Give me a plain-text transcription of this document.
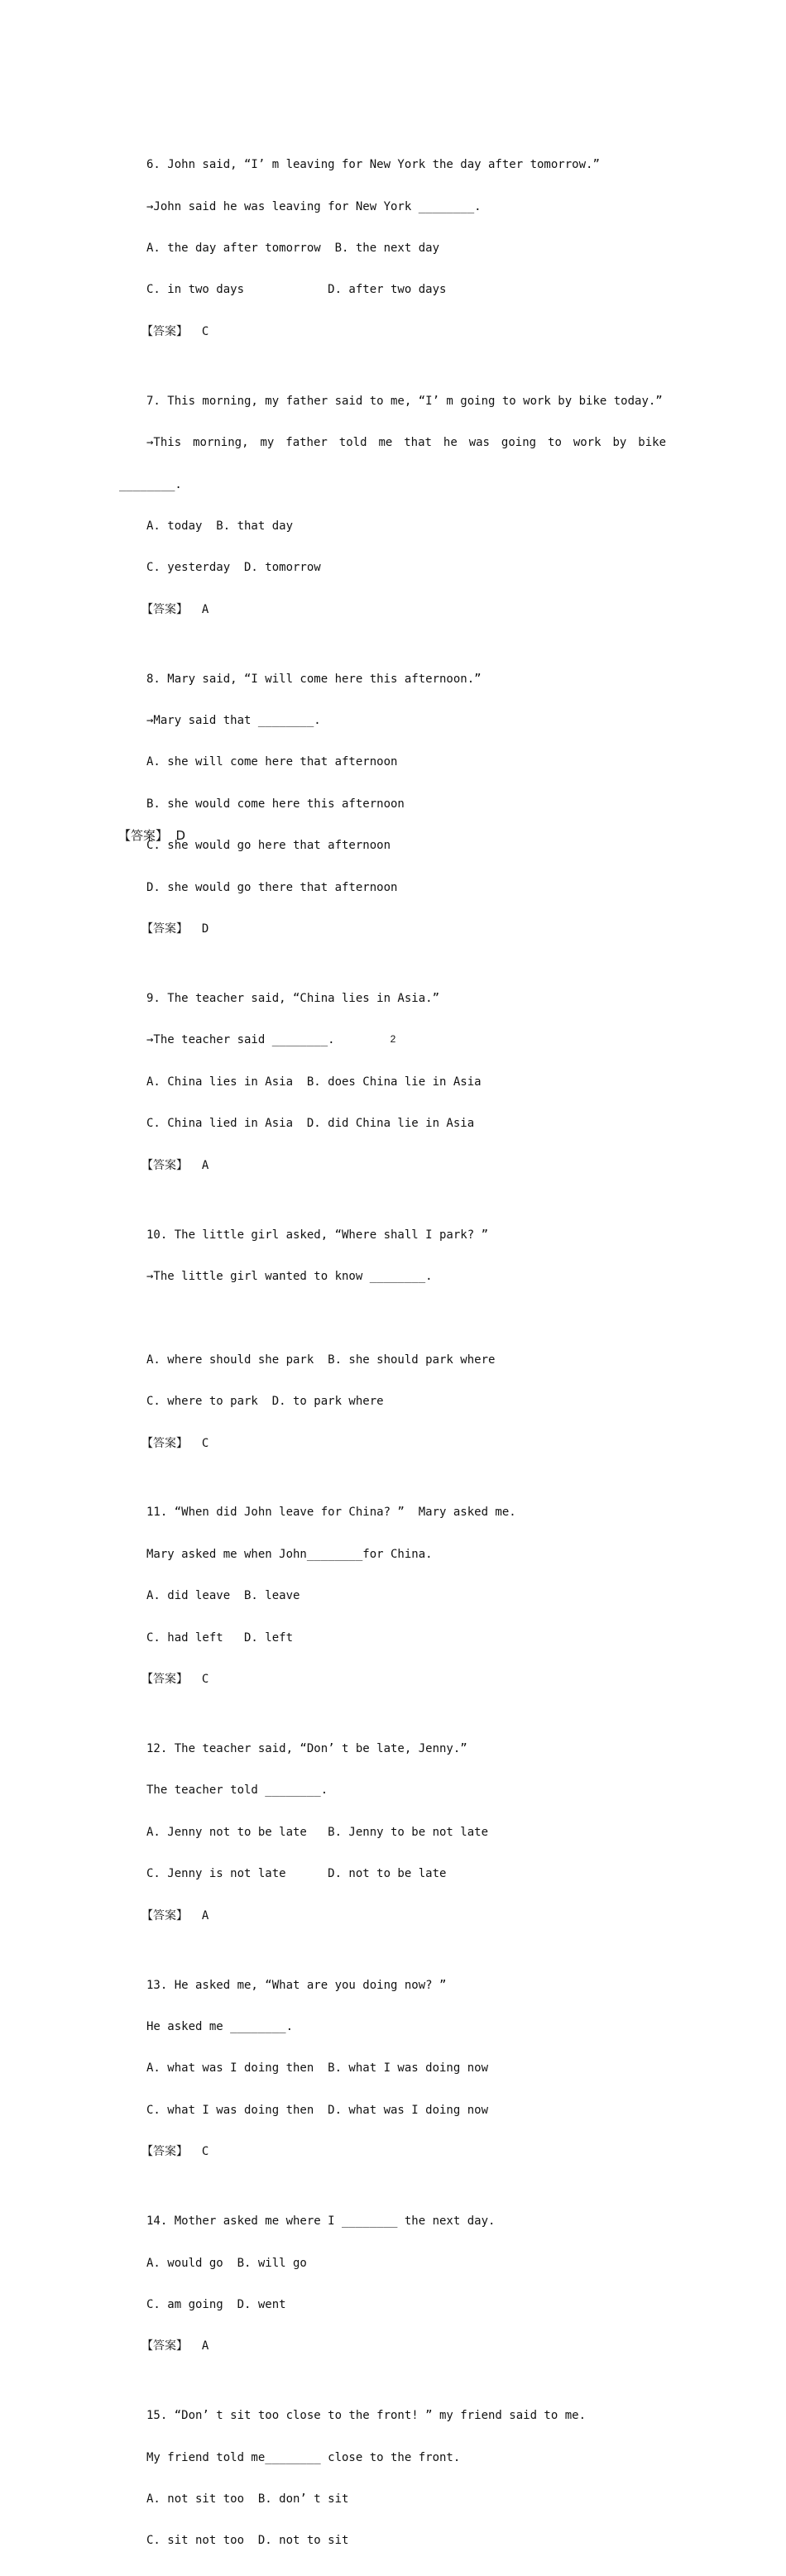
6. John said, “I’ m leaving for New York the day after tomorrow.”

→John said he was leaving for New York ________.

A. the day after tomorrow  B. the next day

C. in two days            D. after two days

【答案】  C

7. This morning, my father said to me, “I’ m going to work by bike today.”

→This morning, my father told me that he was going to work by bike

________.

A. today  B. that day

C. yesterday  D. tomorrow

【答案】  A

8. Mary said, “I will come here this afternoon.”

→Mary said that ________.

A. she will come here that afternoon

B. she would come here this afternoon

C. she would go here that afternoon

D. she would go there that afternoon

【答案】  D

9. The teacher said, “China lies in Asia.”

→The teacher said ________.

A. China lies in Asia  B. does China lie in Asia

C. China lied in Asia  D. did China lie in Asia

【答案】  A

10. The little girl asked, “Where shall I park? ”

→The little girl wanted to know ________.

A. where should she park  B. she should park where

C. where to park  D. to park where

【答案】  C

11. “When did John leave for China? ”  Mary asked me.

Mary asked me when John________for China.

A. did leave  B. leave

C. had left   D. left

【答案】  C

12. The teacher said, “Don’ t be late, Jenny.”

The teacher told ________.

A. Jenny not to be late   B. Jenny to be not late

C. Jenny is not late      D. not to be late

【答案】  A

13. He asked me, “What are you doing now? ”

He asked me ________.

A. what was I doing then  B. what I was doing now

C. what I was doing then  D. what was I doing now

【答案】  C

14. Mother asked me where I ________ the next day.

A. would go  B. will go

C. am going  D. went

【答案】  A

15. “Don’ t sit too close to the front! ” my friend said to me.

My friend told me________ close to the front.

A. not sit too  B. don’ t sit

C. sit not too  D. not to sit

【答案】  D
2
